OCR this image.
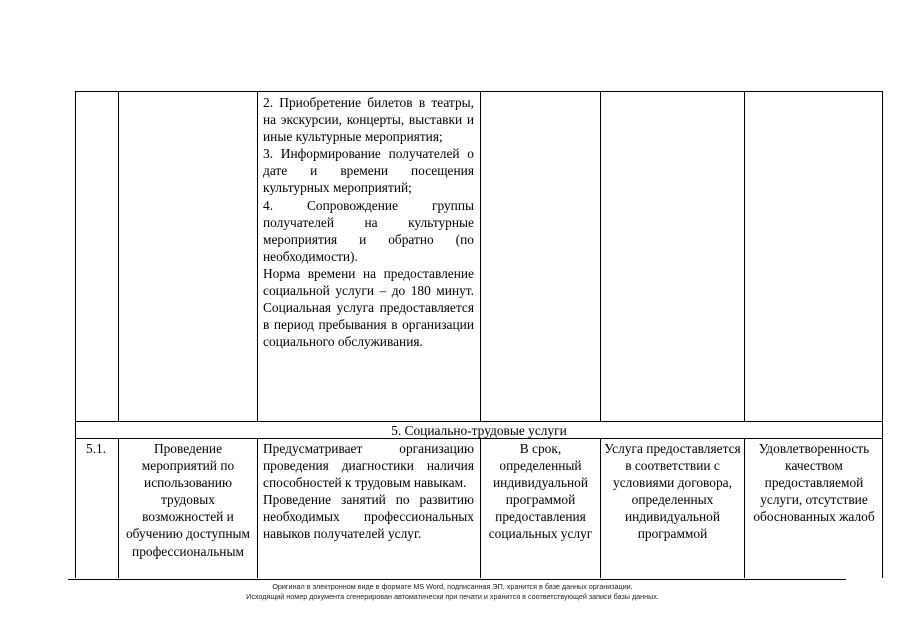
2. Приобретение билетов в театры, на экскурсии, концерты, выставки и иные культурные мероприятия;
3. Информирование получателей о дате и времени посещения культурных мероприятий;
4. Сопровождение группы получателей на культурные мероприятия и обратно (по необходимости).
Норма времени на предоставление социальной услуги – до 180 минут. Социальная услуга предоставляется в период пребывания в организации социального обслуживания.
5. Социально-трудовые услуги
5.1.	Проведение мероприятий по использованию трудовых возможностей и обучению доступным профессиональным
Предусматривает организацию проведения диагностики наличия способностей к трудовым навыкам.
Проведение занятий по развитию необходимых профессиональных навыков получателей услуг.
В срок, определенный индивидуальной программой предоставления социальных услуг
Услуга предоставляется в соответствии с условиями договора, определенных индивидуальной программой
Удовлетворенность качеством предоставляемой услуги, отсутствие обоснованных жалоб
Оригинал в электронном виде в формате MS Word, подписанная ЭП, хранится в базе данных организации.
Исходящий номер документа сгенерирован автоматически при печати и хранится в соответствующей записи базы данных.
